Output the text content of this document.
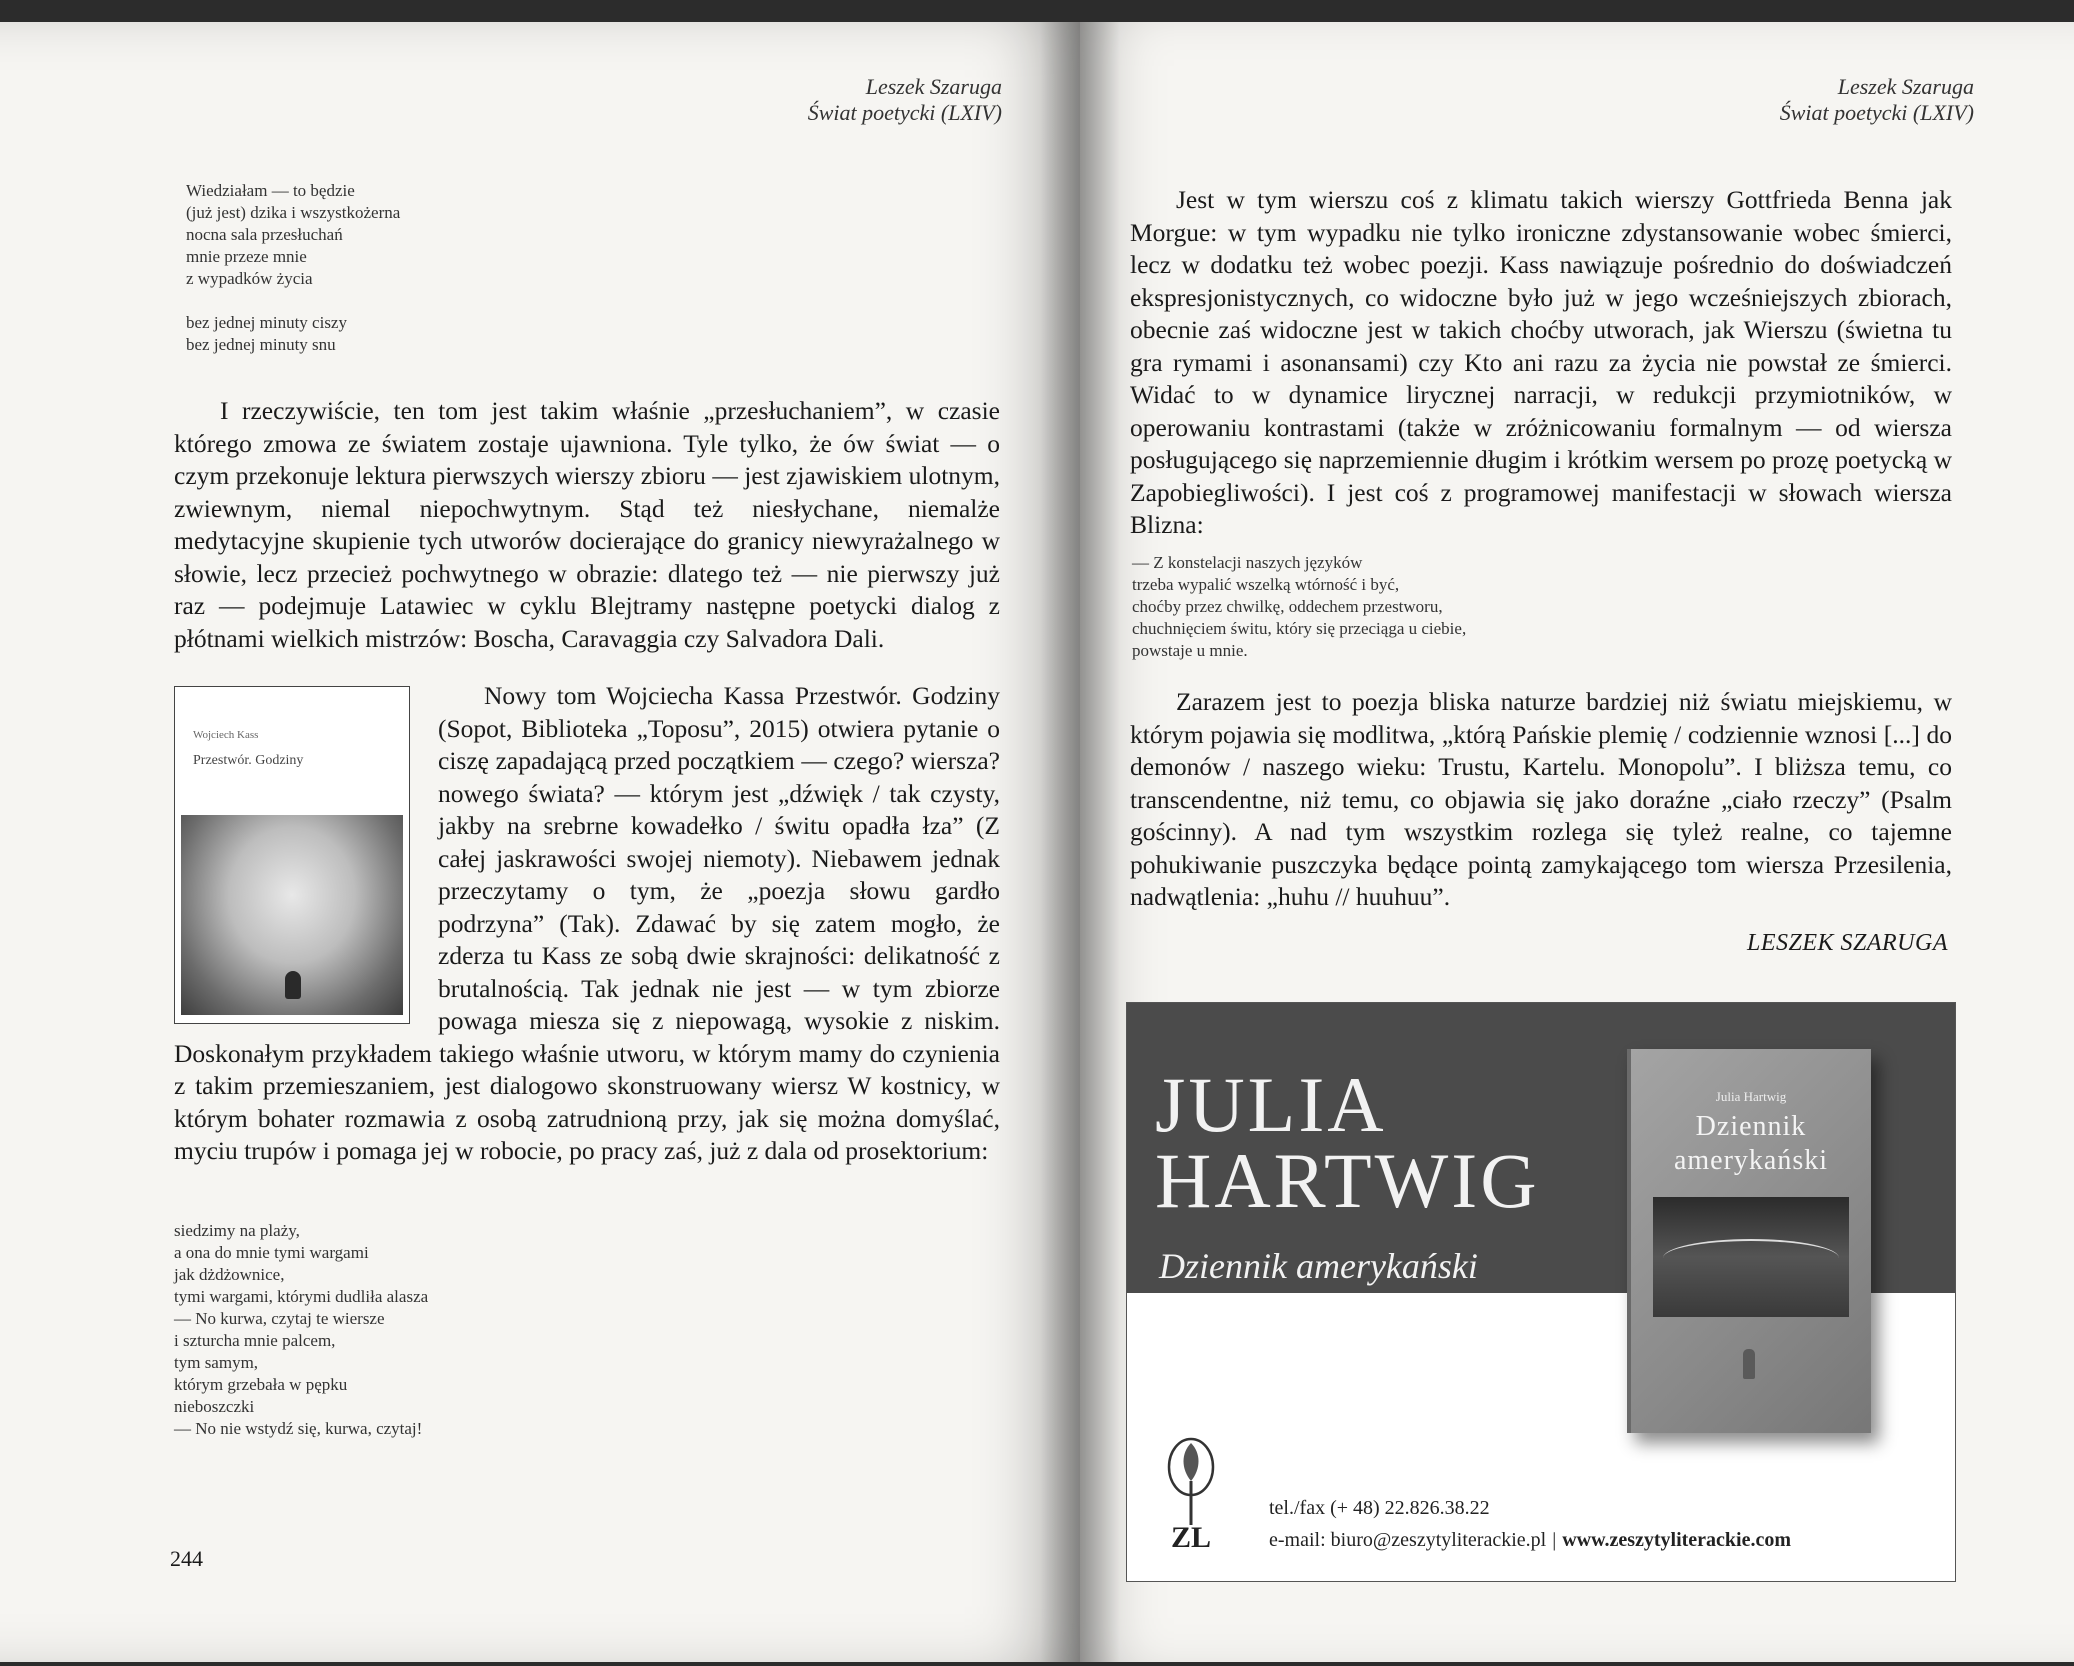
Leszek Szaruga
Świat poetycki (LXIV)
Wiedziałam — to będzie
(już jest) dzika i wszystkożerna
nocna sala przesłuchań
mnie przeze mnie
z wypadków życia
bez jednej minuty ciszy
bez jednej minuty snu

I rzeczywiście, ten tom jest takim właśnie „przesłuchaniem”, w czasie którego zmowa ze światem zostaje ujawniona. Tyle tylko, że ów świat — o czym przekonuje lektura pierwszych wierszy zbioru — jest zjawiskiem ulotnym, zwiewnym, niemal niepochwytnym. Stąd też niesłychane, niemalże medytacyjne skupienie tych utworów docierające do granicy niewyrażalnego w słowie, lecz przecież pochwytnego w obrazie: dlatego też — nie pierwszy już raz — podejmuje Latawiec w cyklu Blejtramy następne poetycki dialog z płótnami wielkich mistrzów: Boscha, Caravaggia czy Salvadora Dali.

Wojciech Kass
Przestwór. Godziny

Nowy tom Wojciecha Kassa Przestwór. Godziny (Sopot, Biblioteka „Toposu”, 2015) otwiera pytanie o ciszę zapadającą przed początkiem — czego? wiersza? nowego świata? — którym jest „dźwięk / tak czysty, jakby na srebrne kowadełko / świtu opadła łza” (Z całej jaskrawości swojej niemoty). Niebawem jednak przeczytamy o tym, że „poezja słowu gardło podrzyna” (Tak). Zdawać by się zatem mogło, że zderza tu Kass ze sobą dwie skrajności: delikatność z brutalnością. Tak jednak nie jest — w tym zbiorze powaga miesza się z niepowagą, wysokie z niskim. Doskonałym przykładem takiego właśnie utworu, w którym mamy do czynienia z takim przemieszaniem, jest dialogowo skonstruowany wiersz W kostnicy, w którym bohater rozmawia z osobą zatrudnioną przy, jak się można domyślać, myciu trupów i pomaga jej w robocie, po pracy zaś, już z dala od prosektorium:

siedzimy na plaży,
a ona do mnie tymi wargami
jak dżdżownice,
tymi wargami, którymi dudliła alasza
— No kurwa, czytaj te wiersze
i szturcha mnie palcem,
tym samym,
którym grzebała w pępku
nieboszczki
— No nie wstydź się, kurwa, czytaj!
244
Leszek Szaruga
Świat poetycki (LXIV)

Jest w tym wierszu coś z klimatu takich wierszy Gottfrieda Benna jak Morgue: w tym wypadku nie tylko ironiczne zdystansowanie wobec śmierci, lecz w dodatku też wobec poezji. Kass nawiązuje pośrednio do doświadczeń ekspresjonistycznych, co widoczne było już w jego wcześniejszych zbiorach, obecnie zaś widoczne jest w takich choćby utworach, jak Wierszu (świetna tu gra rymami i asonansami) czy Kto ani razu za życia nie powstał ze śmierci. Widać to w dynamice lirycznej narracji, w redukcji przymiotników, w operowaniu kontrastami (także w zróżnicowaniu formalnym — od wiersza posługującego się naprzemiennie długim i krótkim wersem po prozę poetycką w Zapobiegliwości). I jest coś z programowej manifestacji w słowach wiersza Blizna:

— Z konstelacji naszych języków
trzeba wypalić wszelką wtórność i być,
choćby przez chwilkę, oddechem przestworu,
chuchnięciem świtu, który się przeciąga u ciebie,
powstaje u mnie.

Zarazem jest to poezja bliska naturze bardziej niż światu miejskiemu, w którym pojawia się modlitwa, „którą Pańskie plemię / codziennie wznosi [...] do demonów / naszego wieku: Trustu, Kartelu. Monopolu”. I bliższa temu, co transcendentne, niż temu, co objawia się jako doraźne „ciało rzeczy” (Psalm gościnny). A nad tym wszystkim rozlega się tyleż realne, co tajemne pohukiwanie puszczyka będące pointą zamykającego tom wiersza Przesilenia, nadwątlenia: „huhu // huuhuu”.

LESZEK SZARUGA
JULIA
HARTWIG
Dziennik amerykański
Julia Hartwig
Dziennik
amerykański
ZL
tel./fax (+ 48) 22.826.38.22
e-mail: biuro@zeszytyliterackie.pl | www.zeszytyliterackie.com
